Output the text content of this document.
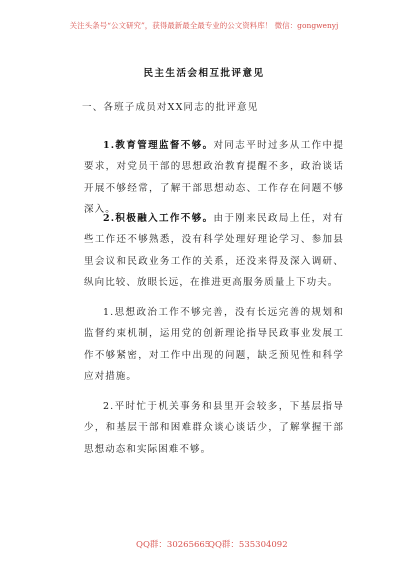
关注头条号“公文研究”，获得最新最全最专业的公文资料库！ 微信：gongwenyj
民主生活会相互批评意见
一、各班子成员对XX同志的批评意见

1.教育管理监督不够。对同志平时过多从工作中提要求，对党员干部的思想政治教育提醒不多，政治谈话开展不够经常，了解干部思想动态、工作存在问题不够深入。

2.积极融入工作不够。由于刚来民政局上任，对有些工作还不够熟悉，没有科学处理好理论学习、参加县里会议和民政业务工作的关系，还没来得及深入调研、纵向比较、放眼长远，在推进更高服务质量上下功夫。

1.思想政治工作不够完善，没有长远完善的规划和监督约束机制，运用党的创新理论指导民政事业发展工作不够紧密，对工作中出现的问题，缺乏预见性和科学应对措施。

2.平时忙于机关事务和县里开会较多，下基层指导少，和基层干部和困难群众谈心谈话少，了解掌握干部思想动态和实际困难不够。

QQ群：30265665
QQ群：535304092
